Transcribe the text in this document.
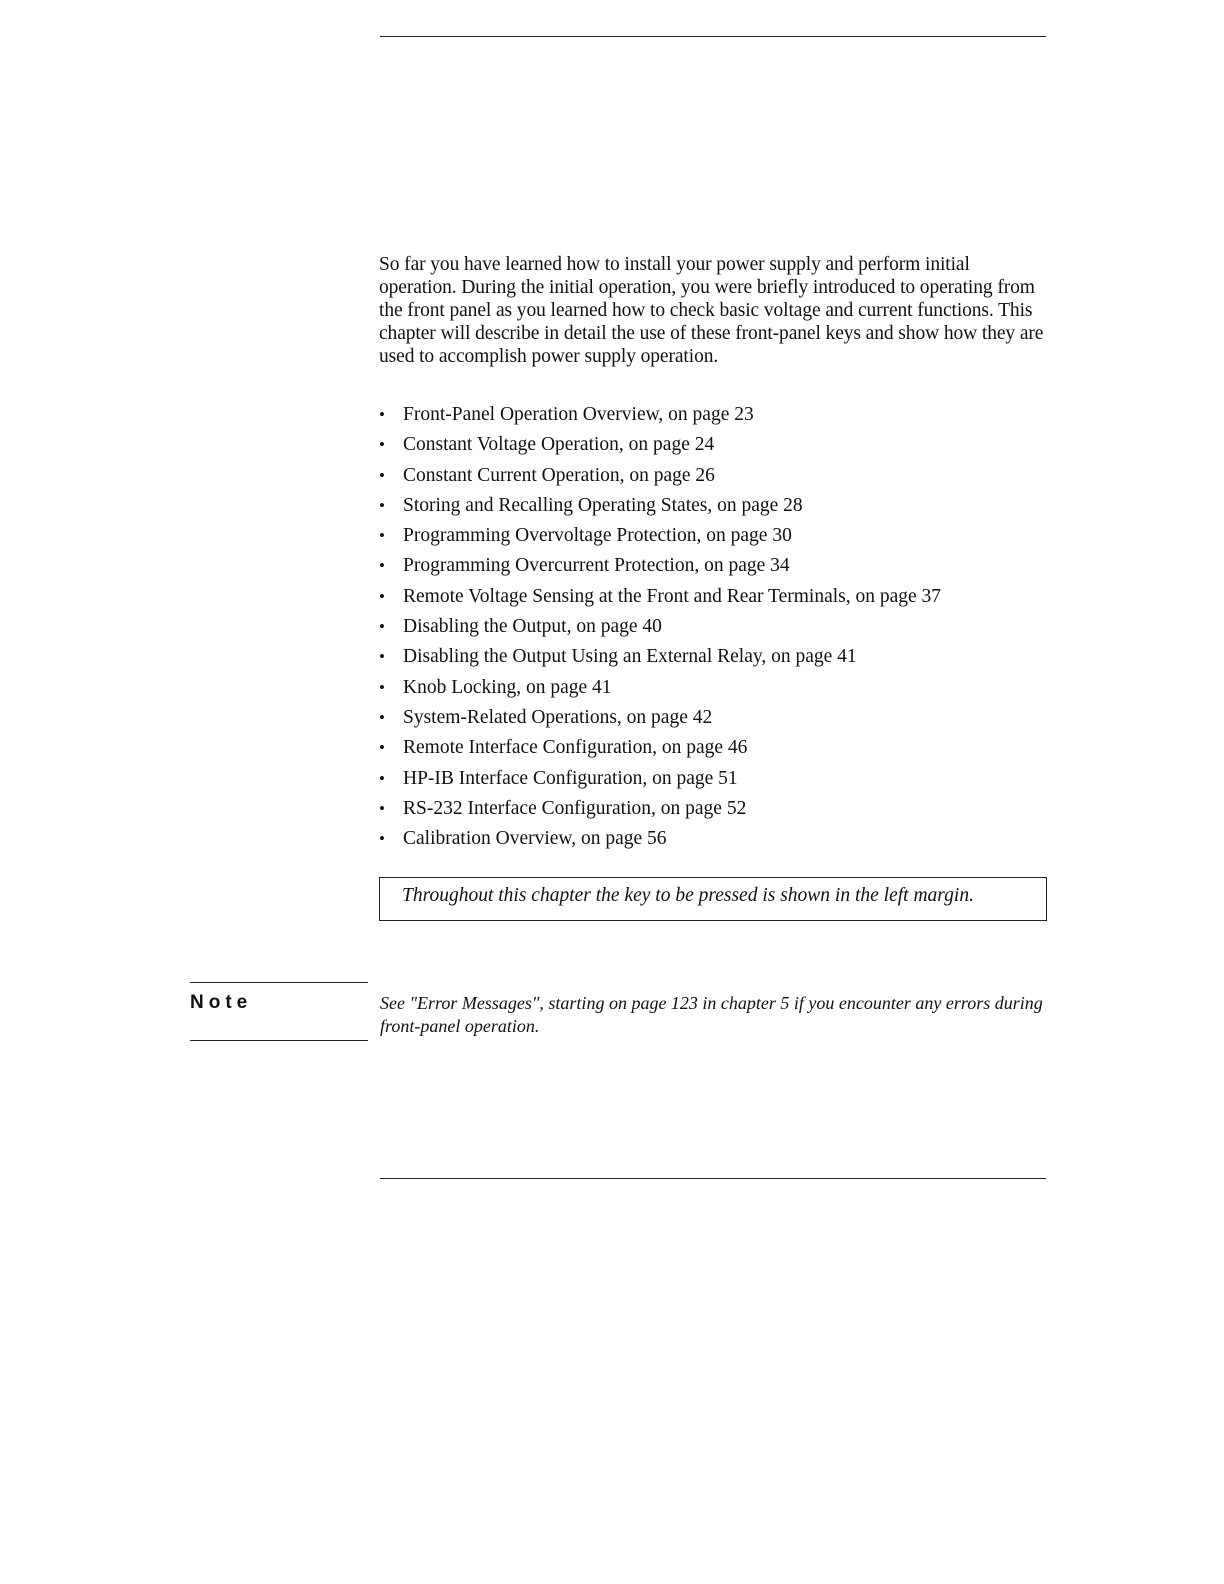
So far you have learned how to install your power supply and perform initial operation. During the initial operation, you were briefly introduced to operating from the front panel as you learned how to check basic voltage and current functions. This chapter will describe in detail the use of these front-panel keys and show how they are used to accomplish power supply operation.

• Front-Panel Operation Overview, on page 23
• Constant Voltage Operation, on page 24
• Constant Current Operation, on page 26
• Storing and Recalling Operating States, on page 28
• Programming Overvoltage Protection, on page 30
• Programming Overcurrent Protection, on page 34
• Remote Voltage Sensing at the Front and Rear Terminals, on page 37
• Disabling the Output, on page 40
• Disabling the Output Using an External Relay, on page 41
• Knob Locking, on page 41
• System-Related Operations, on page 42
• Remote Interface Configuration, on page 46
• HP-IB Interface Configuration, on page 51
• RS-232 Interface Configuration, on page 52
• Calibration Overview, on page 56
Throughout this chapter the key to be pressed is shown in the left margin.
Note	See "Error Messages", starting on page 123 in chapter 5 if you encounter any errors during front-panel operation.
